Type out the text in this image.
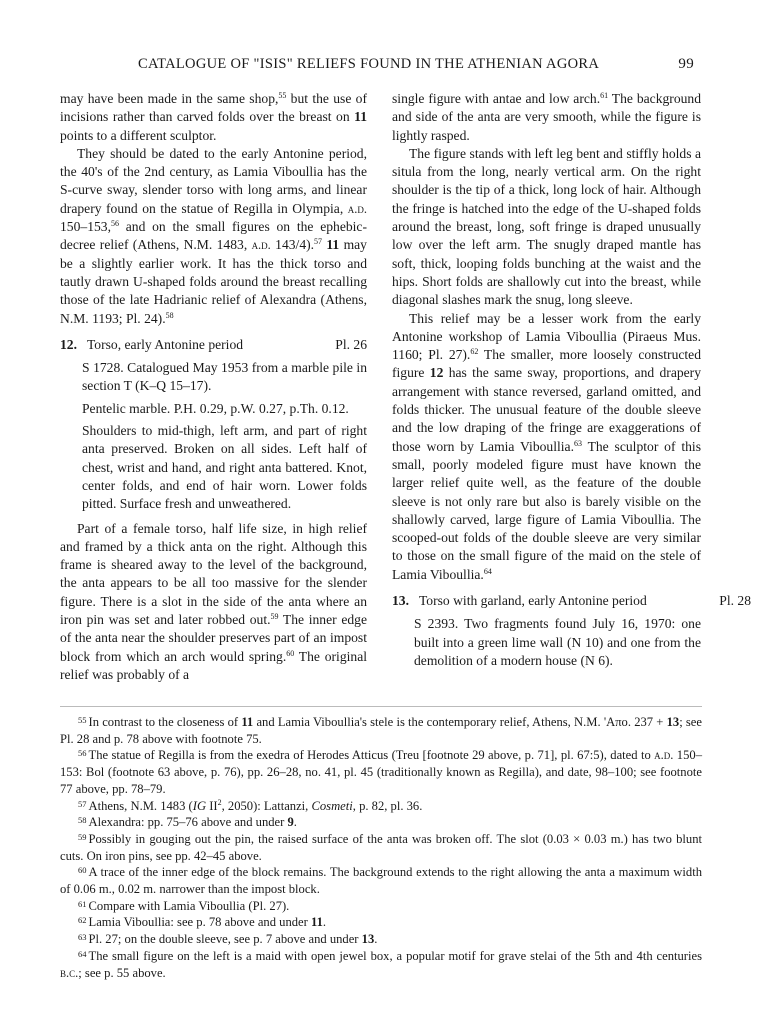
CATALOGUE OF "ISIS" RELIEFS FOUND IN THE ATHENIAN AGORA	99

may have been made in the same shop,$^{55}$ but the use of incisions rather than carved folds over the breast on 11 points to a different sculptor.

They should be dated to the early Antonine period, the 40's of the 2nd century, as Lamia Viboullia has the S-curve sway, slender torso with long arms, and linear drapery found on the statue of Regilla in Olympia, a.d. 150–153,56 and on the small figures on the ephebic-decree relief (Athens, N.M. 1483, a.d. 143/4).$^{57}$ 11 may be a slightly earlier work. It has the thick torso and tautly drawn U-shaped folds around the breast recalling those of the late Hadrianic relief of Alexandra (Athens, N.M. 1193; Pl. 24).$^{58}$

12. Torso, early Antonine period	Pl. 26

S 1728. Catalogued May 1953 from a marble pile in section T (K–Q 15–17).

Pentelic marble. P.H. 0.29, p.W. 0.27, p.Th. 0.12.

Shoulders to mid-thigh, left arm, and part of right anta preserved. Broken on all sides. Left half of chest, wrist and hand, and right anta battered. Knot, center folds, and end of hair worn. Lower folds pitted. Surface fresh and unweathered.

Part of a female torso, half life size, in high relief and framed by a thick anta on the right. Although this frame is sheared away to the level of the background, the anta appears to be all too massive for the slender figure. There is a slot in the side of the anta where an iron pin was set and later robbed out.$^{59}$ The inner edge of the anta near the shoulder preserves part of an impost block from which an arch would spring.$^{60}$ The original relief was probably of a

single figure with antae and low arch.$^{61}$ The background and side of the anta are very smooth, while the figure is lightly rasped.

The figure stands with left leg bent and stiffly holds a situla from the long, nearly vertical arm. On the right shoulder is the tip of a thick, long lock of hair. Although the fringe is hatched into the edge of the U-shaped folds around the breast, long, soft fringe is draped unusually low over the left arm. The snugly draped mantle has soft, thick, looping folds bunching at the waist and the hips. Short folds are shallowly cut into the breast, while diagonal slashes mark the snug, long sleeve.

This relief may be a lesser work from the early Antonine workshop of Lamia Viboullia (Piraeus Mus. 1160; Pl. 27).$^{62}$ The smaller, more loosely constructed figure 12 has the same sway, proportions, and drapery arrangement with stance reversed, garland omitted, and folds thicker. The unusual feature of the double sleeve and the low draping of the fringe are exaggerations of those worn by Lamia Viboullia.$^{63}$ The sculptor of this small, poorly modeled figure must have known the larger relief quite well, as the feature of the double sleeve is not only rare but also is barely visible on the shallowly carved, large figure of Lamia Viboullia. The scooped-out folds of the double sleeve are very similar to those on the small figure of the maid on the stele of Lamia Viboullia.$^{64}$

13. Torso with garland, early Antonine period	Pl. 28

S 2393. Two fragments found July 16, 1970: one built into a green lime wall (N 10) and one from the demolition of a modern house (N 6).

$^{55}$ In contrast to the closeness of 11 and Lamia Viboullia's stele is the contemporary relief, Athens, N.M. 'Aπο. 237 + 13; see Pl. 28 and p. 78 above with footnote 75.

$^{56}$ The statue of Regilla is from the exedra of Herodes Atticus (Treu [footnote 29 above, p. 71], pl. 67:5), dated to a.d. 150–153: Bol (footnote 63 above, p. 76), pp. 26–28, no. 41, pl. 45 (traditionally known as Regilla), and date, 98–100; see footnote 77 above, pp. 78–79.

$^{57}$ Athens, N.M. 1483 (IG $II^2$, 2050): Lattanzi, Cosmeti, p. 82, pl. 36.

$^{58}$ Alexandra: pp. 75–76 above and under 9.

$^{59}$ Possibly in gouging out the pin, the raised surface of the anta was broken off. The slot (0.03 × 0.03 m.) has two blunt cuts. On iron pins, see pp. 42–45 above.

$^{60}$ A trace of the inner edge of the block remains. The background extends to the right allowing the anta a maximum width of 0.06 m., 0.02 m. narrower than the impost block.

$^{61}$ Compare with Lamia Viboullia (Pl. 27).

$^{62}$ Lamia Viboullia: see p. 78 above and under 11.

$^{63}$ Pl. 27; on the double sleeve, see p. 7 above and under 13.

$^{64}$ The small figure on the left is a maid with open jewel box, a popular motif for grave stelai of the 5th and 4th centuries b.c.; see p. 55 above.
